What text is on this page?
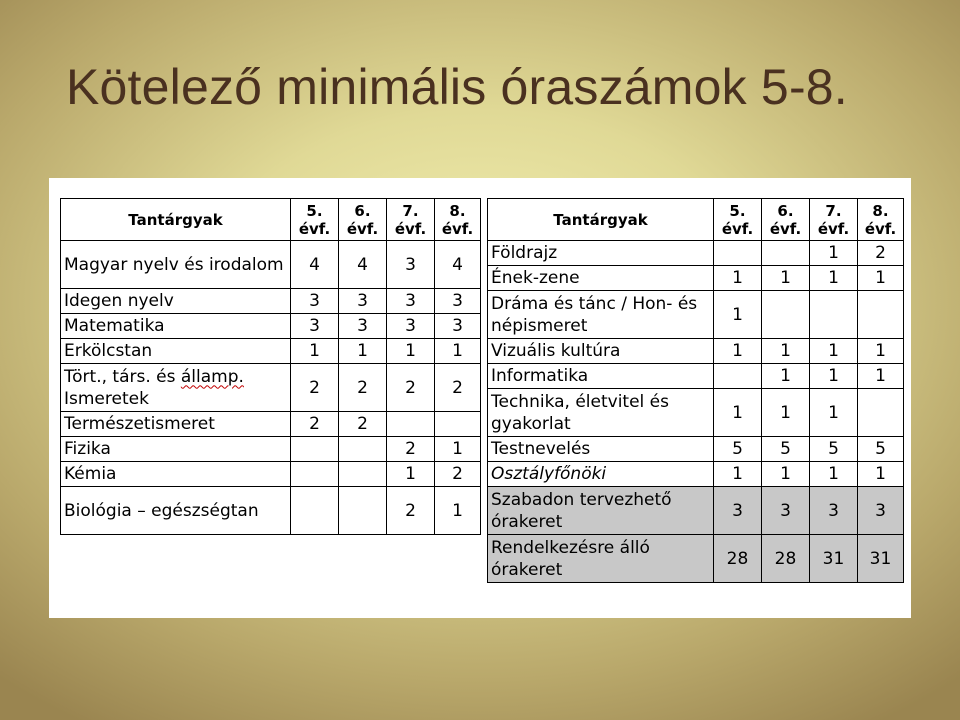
Kötelező minimális óraszámok 5-8.
Tantárgyak	5. évf.	6. évf.	7. évf.	8. évf.
Magyar nyelv és irodalom	4	4	3	4
Idegen nyelv	3	3	3	3
Matematika	3	3	3	3
Erkölcstan	1	1	1	1
Tört., társ. és államp. Ismeretek	2	2	2	2
Természetismeret	2	2		
Fizika			2	1
Kémia			1	2
Biológia – egészségtan			2	1
Tantárgyak	5. évf.	6. évf.	7. évf.	8. évf.
Földrajz			1	2
Ének-zene	1	1	1	1
Dráma és tánc / Hon- és népismeret	1			
Vizuális kultúra	1	1	1	1
Informatika		1	1	1
Technika, életvitel és gyakorlat	1	1	1	
Testnevelés	5	5	5	5
Osztályfőnöki	1	1	1	1
Szabadon tervezhető órakeret	3	3	3	3
Rendelkezésre álló órakeret	28	28	31	31
